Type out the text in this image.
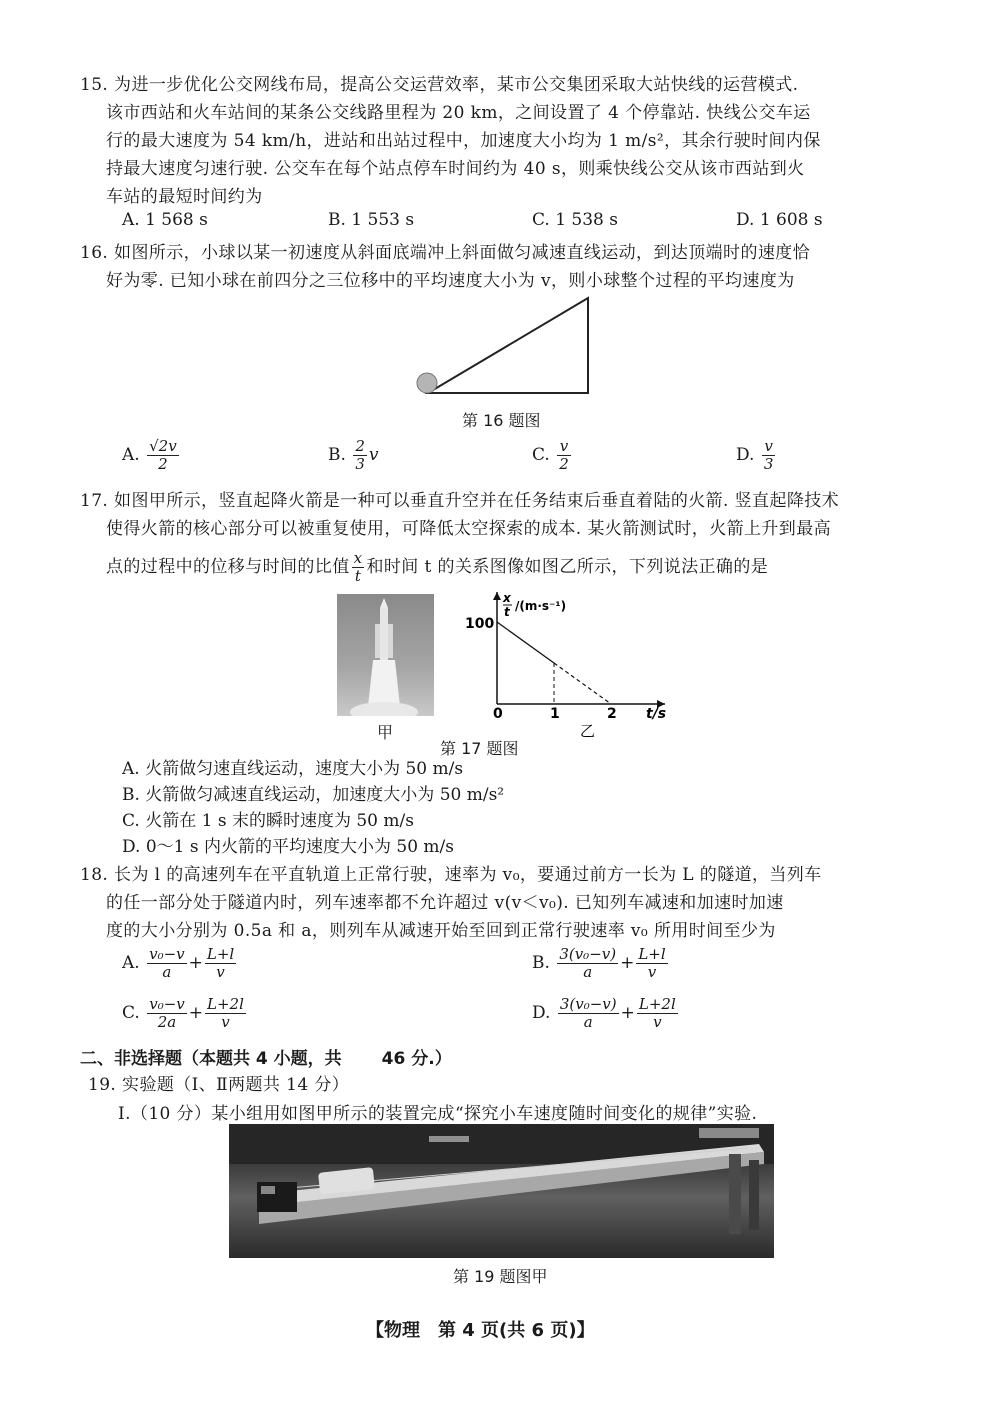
15. 为进一步优化公交网线布局，提高公交运营效率，某市公交集团采取大站快线的运营模式.
该市西站和火车站间的某条公交线路里程为 20 km，之间设置了 4 个停靠站. 快线公交车运
行的最大速度为 54 km/h，进站和出站过程中，加速度大小均为 1 m/s²，其余行驶时间内保
持最大速度匀速行驶. 公交车在每个站点停车时间约为 40 s，则乘快线公交从该市西站到火
车站的最短时间约为
A. 1 568 s	B. 1 553 s	C. 1 538 s	D. 1 608 s
16. 如图所示，小球以某一初速度从斜面底端冲上斜面做匀减速直线运动，到达顶端时的速度恰
好为零. 已知小球在前四分之三位移中的平均速度大小为 v，则小球整个过程的平均速度为
第 16 题图
A. $\frac{√2v}{2}$	B. $\frac{2}{3}$ v	C. $\frac{v}{2}$	D. $\frac{v}{3}$
17. 如图甲所示，竖直起降火箭是一种可以垂直升空并在任务结束后垂直着陆的火箭. 竖直起降技术
使得火箭的核心部分可以被重复使用，可降低太空探索的成本. 某火箭测试时，火箭上升到最高
点的过程中的位移与时间的比值 $\frac{x}{t}$ 和时间 t 的关系图像如图乙所示，下列说法正确的是
甲
100
0	1	2 t/s
x
t /(m·s⁻¹)
乙
第 17 题图
A. 火箭做匀速直线运动，速度大小为 50 m/s
B. 火箭做匀减速直线运动，加速度大小为 50 m/s²
C. 火箭在 1 s 末的瞬时速度为 50 m/s
D. 0～1 s 内火箭的平均速度大小为 50 m/s
18. 长为 l 的高速列车在平直轨道上正常行驶，速率为 v₀，要通过前方一长为 L 的隧道，当列车
的任一部分处于隧道内时，列车速率都不允许超过 v(v＜v₀). 已知列车减速和加速时加速
度的大小分别为 0.5a 和 a，则列车从减速开始至回到正常行驶速率 v₀ 所用时间至少为
A. $\frac{\text{v₀−v}}{a} + \frac{L+l}{v}$	B. $\frac{\text{3(v₀−v)}}{a} + \frac{L+l}{v}$
C. $\frac{\text{v₀−v}}{2a} + \frac{L+2l}{v}$	D. $\frac{\text{3(v₀−v)}}{a} + \frac{L+2l}{v}$
二、非选择题（本题共 4 小题，共 46 分.）
19. 实验题（Ⅰ、Ⅱ两题共 14 分）
Ⅰ.（10 分）某小组用如图甲所示的装置完成“探究小车速度随时间变化的规律”实验.
第 19 题图甲
【物理　第 4 页(共 6 页)】
